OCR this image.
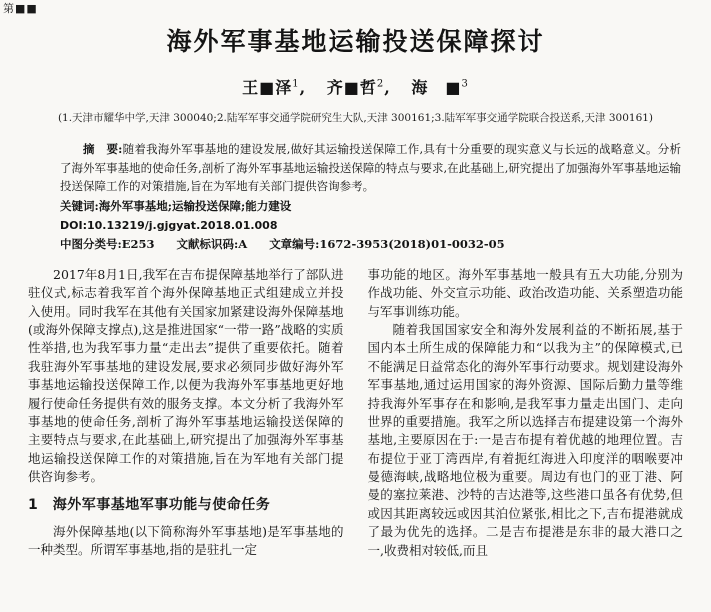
第■■
海外军事基地运输投送保障探讨
王■泽$^1$, 齐■哲$^2$, 海　■$^3$
(1.天津市耀华中学,天津 300040;2.陆军军事交通学院研究生大队,天津 300161;3.陆军军事交通学院联合投送系,天津 300161)

摘　要:随着我海外军事基地的建设发展,做好其运输投送保障工作,具有十分重要的现实意义与长远的战略意义。分析了海外军事基地的使命任务,剖析了海外军事基地运输投送保障的特点与要求,在此基础上,研究提出了加强海外军事基地运输投送保障工作的对策措施,旨在为军地有关部门提供咨询参考。

关键词:海外军事基地;运输投送保障;能力建设

DOI:10.13219/j.gjgyat.2018.01.008

中图分类号:E253 文献标识码:A 文章编号:1672-3953(2018)01-0032-05

2017年8月1日,我军在吉布提保障基地举行了部队进驻仪式,标志着我军首个海外保障基地正式组建成立并投入使用。同时我军在其他有关国家加紧建设海外保障基地(或海外保障支撑点),这是推进国家“一带一路”战略的实质性举措,也为我军事力量“走出去”提供了重要依托。随着我驻海外军事基地的建设发展,要求必须同步做好海外军事基地运输投送保障工作,以便为我海外军事基地更好地履行使命任务提供有效的服务支撑。本文分析了我海外军事基地的使命任务,剖析了海外军事基地运输投送保障的主要特点与要求,在此基础上,研究提出了加强海外军事基地运输投送保障工作的对策措施,旨在为军地有关部门提供咨询参考。

1　海外军事基地军事功能与使命任务

海外保障基地(以下简称海外军事基地)是军事基地的一种类型。所谓军事基地,指的是驻扎一定

事功能的地区。海外军事基地一般具有五大功能,分别为作战功能、外交宣示功能、政治改造功能、关系塑造功能与军事训练功能。

随着我国国家安全和海外发展利益的不断拓展,基于国内本土所生成的保障能力和“以我为主”的保障模式,已不能满足日益常态化的海外军事行动要求。规划建设海外军事基地,通过运用国家的海外资源、国际后勤力量等维持我海外军事存在和影响,是我军事力量走出国门、走向世界的重要措施。我军之所以选择吉布提建设第一个海外基地,主要原因在于:一是吉布提有着优越的地理位置。吉布提位于亚丁湾西岸,有着扼红海进入印度洋的咽喉要冲曼德海峡,战略地位极为重要。周边有也门的亚丁港、阿曼的塞拉莱港、沙特的吉达港等,这些港口虽各有优势,但或因其距离较远或因其泊位紧张,相比之下,吉布提港就成了最为优先的选择。二是吉布提港是东非的最大港口之一,收费相对较低,而且
